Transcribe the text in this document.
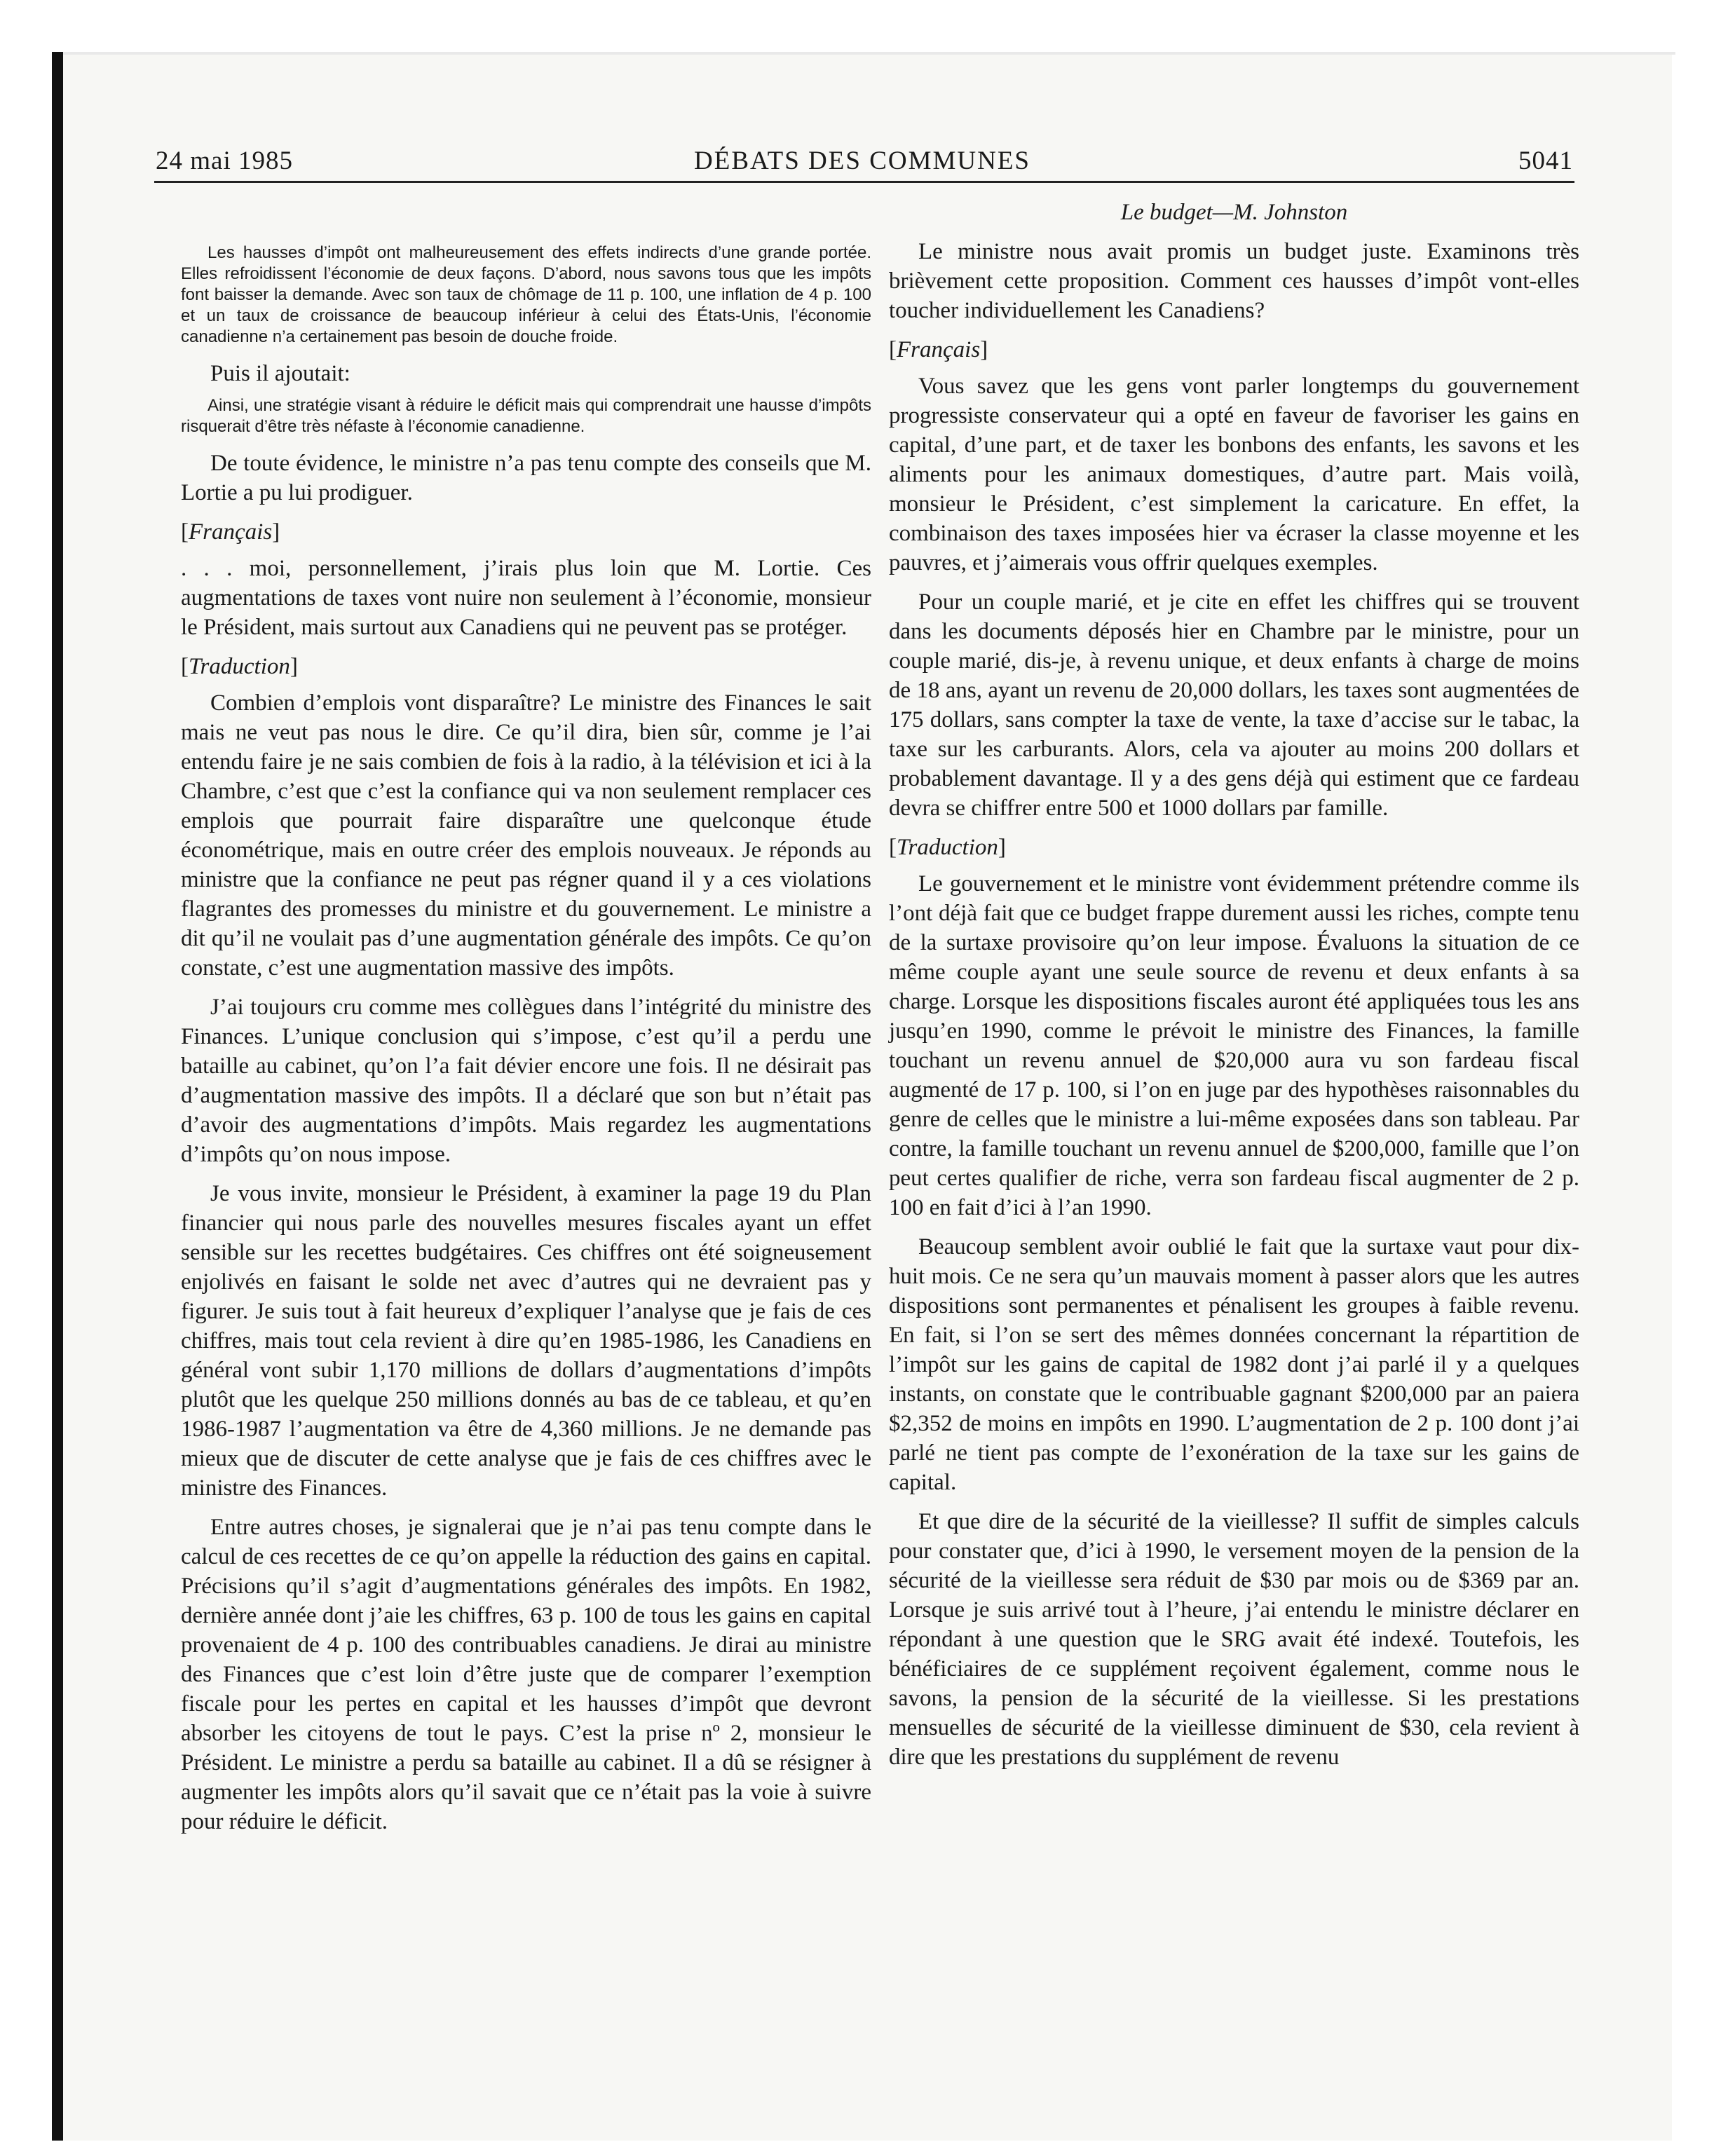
24 mai 1985	DÉBATS DES COMMUNES	5041

Les hausses d’impôt ont malheureusement des effets indirects d’une grande portée. Elles refroidissent l’économie de deux façons. D’abord, nous savons tous que les impôts font baisser la demande. Avec son taux de chômage de 11 p. 100, une inflation de 4 p. 100 et un taux de croissance de beaucoup inférieur à celui des États-Unis, l’économie canadienne n’a certainement pas besoin de douche froide.

Puis il ajoutait:

Ainsi, une stratégie visant à réduire le déficit mais qui comprendrait une hausse d’impôts risquerait d’être très néfaste à l’économie canadienne.

De toute évidence, le ministre n’a pas tenu compte des conseils que M. Lortie a pu lui prodiguer.

[Français]

. . . moi, personnellement, j’irais plus loin que M. Lortie. Ces augmentations de taxes vont nuire non seulement à l’économie, monsieur le Président, mais surtout aux Canadiens qui ne peuvent pas se protéger.

[Traduction]

Combien d’emplois vont disparaître? Le ministre des Finances le sait mais ne veut pas nous le dire. Ce qu’il dira, bien sûr, comme je l’ai entendu faire je ne sais combien de fois à la radio, à la télévision et ici à la Chambre, c’est que c’est la confiance qui va non seulement remplacer ces emplois que pourrait faire disparaître une quelconque étude économétrique, mais en outre créer des emplois nouveaux. Je réponds au ministre que la confiance ne peut pas régner quand il y a ces violations flagrantes des promesses du ministre et du gouvernement. Le ministre a dit qu’il ne voulait pas d’une augmentation générale des impôts. Ce qu’on constate, c’est une augmentation massive des impôts.

J’ai toujours cru comme mes collègues dans l’intégrité du ministre des Finances. L’unique conclusion qui s’impose, c’est qu’il a perdu une bataille au cabinet, qu’on l’a fait dévier encore une fois. Il ne désirait pas d’augmentation massive des impôts. Il a déclaré que son but n’était pas d’avoir des augmentations d’impôts. Mais regardez les augmentations d’impôts qu’on nous impose.

Je vous invite, monsieur le Président, à examiner la page 19 du Plan financier qui nous parle des nouvelles mesures fiscales ayant un effet sensible sur les recettes budgétaires. Ces chiffres ont été soigneusement enjolivés en faisant le solde net avec d’autres qui ne devraient pas y figurer. Je suis tout à fait heureux d’expliquer l’analyse que je fais de ces chiffres, mais tout cela revient à dire qu’en 1985-1986, les Canadiens en général vont subir 1,170 millions de dollars d’augmentations d’impôts plutôt que les quelque 250 millions donnés au bas de ce tableau, et qu’en 1986-1987 l’augmentation va être de 4,360 millions. Je ne demande pas mieux que de discuter de cette analyse que je fais de ces chiffres avec le ministre des Finances.

Entre autres choses, je signalerai que je n’ai pas tenu compte dans le calcul de ces recettes de ce qu’on appelle la réduction des gains en capital. Précisions qu’il s’agit d’augmentations générales des impôts. En 1982, dernière année dont j’aie les chiffres, 63 p. 100 de tous les gains en capital provenaient de 4 p. 100 des contribuables canadiens. Je dirai au ministre des Finances que c’est loin d’être juste que de comparer l’exemption fiscale pour les pertes en capital et les hausses d’impôt que devront absorber les citoyens de tout le pays. C’est la prise nº 2, monsieur le Président. Le ministre a perdu sa bataille au cabinet. Il a dû se résigner à augmenter les impôts alors qu’il savait que ce n’était pas la voie à suivre pour réduire le déficit.

Le budget—M. Johnston

Le ministre nous avait promis un budget juste. Examinons très brièvement cette proposition. Comment ces hausses d’impôt vont-elles toucher individuellement les Canadiens?

[Français]

Vous savez que les gens vont parler longtemps du gouvernement progressiste conservateur qui a opté en faveur de favoriser les gains en capital, d’une part, et de taxer les bonbons des enfants, les savons et les aliments pour les animaux domestiques, d’autre part. Mais voilà, monsieur le Président, c’est simplement la caricature. En effet, la combinaison des taxes imposées hier va écraser la classe moyenne et les pauvres, et j’aimerais vous offrir quelques exemples.

Pour un couple marié, et je cite en effet les chiffres qui se trouvent dans les documents déposés hier en Chambre par le ministre, pour un couple marié, dis-je, à revenu unique, et deux enfants à charge de moins de 18 ans, ayant un revenu de 20,000 dollars, les taxes sont augmentées de 175 dollars, sans compter la taxe de vente, la taxe d’accise sur le tabac, la taxe sur les carburants. Alors, cela va ajouter au moins 200 dollars et probablement davantage. Il y a des gens déjà qui estiment que ce fardeau devra se chiffrer entre 500 et 1000 dollars par famille.

[Traduction]

Le gouvernement et le ministre vont évidemment prétendre comme ils l’ont déjà fait que ce budget frappe durement aussi les riches, compte tenu de la surtaxe provisoire qu’on leur impose. Évaluons la situation de ce même couple ayant une seule source de revenu et deux enfants à sa charge. Lorsque les dispositions fiscales auront été appliquées tous les ans jusqu’en 1990, comme le prévoit le ministre des Finances, la famille touchant un revenu annuel de $20,000 aura vu son fardeau fiscal augmenté de 17 p. 100, si l’on en juge par des hypothèses raisonnables du genre de celles que le ministre a lui-même exposées dans son tableau. Par contre, la famille touchant un revenu annuel de $200,000, famille que l’on peut certes qualifier de riche, verra son fardeau fiscal augmenter de 2 p. 100 en fait d’ici à l’an 1990.

Beaucoup semblent avoir oublié le fait que la surtaxe vaut pour dix-huit mois. Ce ne sera qu’un mauvais moment à passer alors que les autres dispositions sont permanentes et pénalisent les groupes à faible revenu. En fait, si l’on se sert des mêmes données concernant la répartition de l’impôt sur les gains de capital de 1982 dont j’ai parlé il y a quelques instants, on constate que le contribuable gagnant $200,000 par an paiera $2,352 de moins en impôts en 1990. L’augmentation de 2 p. 100 dont j’ai parlé ne tient pas compte de l’exonération de la taxe sur les gains de capital.

Et que dire de la sécurité de la vieillesse? Il suffit de simples calculs pour constater que, d’ici à 1990, le versement moyen de la pension de la sécurité de la vieillesse sera réduit de $30 par mois ou de $369 par an. Lorsque je suis arrivé tout à l’heure, j’ai entendu le ministre déclarer en répondant à une question que le SRG avait été indexé. Toutefois, les bénéficiaires de ce supplément reçoivent également, comme nous le savons, la pension de la sécurité de la vieillesse. Si les prestations mensuelles de sécurité de la vieillesse diminuent de $30, cela revient à dire que les prestations du supplément de revenu
